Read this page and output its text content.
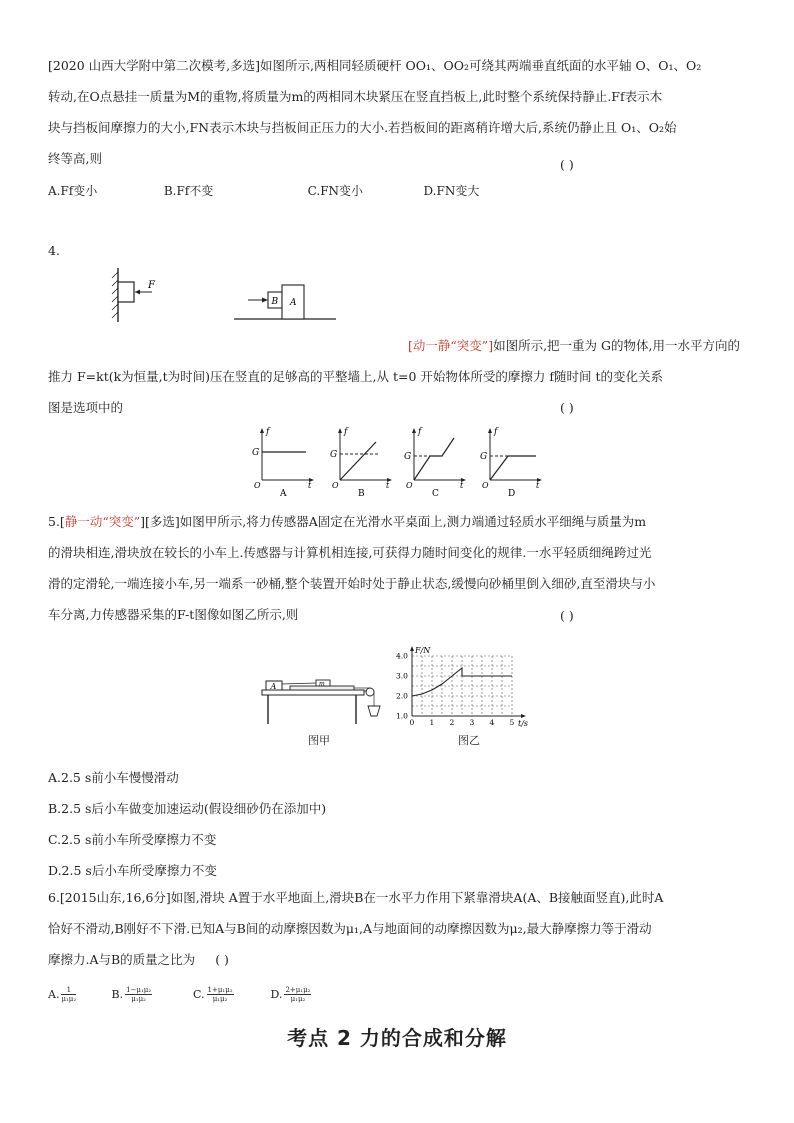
[2020 山西大学附中第二次模考,多选]如图所示,两相同轻质硬杆 OO₁、OO₂可绕其两端垂直纸面的水平轴 O、O₁、O₂
转动,在O点悬挂一质量为M的重物,将质量为m的两相同木块紧压在竖直挡板上,此时整个系统保持静止.Ff表示木
块与挡板间摩擦力的大小,FN表示木块与挡板间正压力的大小.若挡板间的距离稍许增大后,系统仍静止且 O₁、O₂始
终等高,则	( )
A.Ff变小	B.Ff不变	C.FN变小	D.FN变大
4.
F
B A
[动一静“突变”]如图所示,把一重为 G的物体,用一水平方向的
推力 F=kt(k为恒量,t为时间)压在竖直的足够高的平整墙上,从 t=0 开始物体所受的摩擦力 f随时间 t的变化关系
图是选项中的	( )
f
G
O	t
A
f
G
O	t
B
f
G
O	t
C
f
G
O	t
D
5.[静一动“突变”][多选]如图甲所示,将力传感器A固定在光滑水平桌面上,测力端通过轻质水平细绳与质量为m
的滑块相连,滑块放在较长的小车上.传感器与计算机相连接,可获得力随时间变化的规律.一水平轻质细绳跨过光
滑的定滑轮,一端连接小车,另一端系一砂桶,整个装置开始时处于静止状态,缓慢向砂桶里倒入细砂,直至滑块与小
车分离,力传感器采集的F-t图像如图乙所示,则	( )
A	m
图甲
0 1 2 3 4 5
1.0
2.0
3.0
4.0
F/N
t/s
图乙
A.2.5 s前小车慢慢滑动
B.2.5 s后小车做变加速运动(假设细砂仍在添加中)
C.2.5 s前小车所受摩擦力不变
D.2.5 s后小车所受摩擦力不变
6.[2015山东,16,6分]如图,滑块 A置于水平地面上,滑块B在一水平力作用下紧靠滑块A(A、B接触面竖直),此时A
恰好不滑动,B刚好不下滑.已知A与B间的动摩擦因数为μ₁,A与地面间的动摩擦因数为μ₂,最大静摩擦力等于滑动
摩擦力.A与B的质量之比为 ( )
A. $\frac{1}{\text{μ₁μ₂}}$	B. $\frac{\text{1−μ₁μ₂}}{\text{μ₁μ₂}}$	C. $\frac{\text{1+μ₁μ₂}}{\text{μ₁μ₂}}$	D. $\frac{\text{2+μ₁μ₂}}{\text{μ₁μ₂}}$
考点 2 力的合成和分解
